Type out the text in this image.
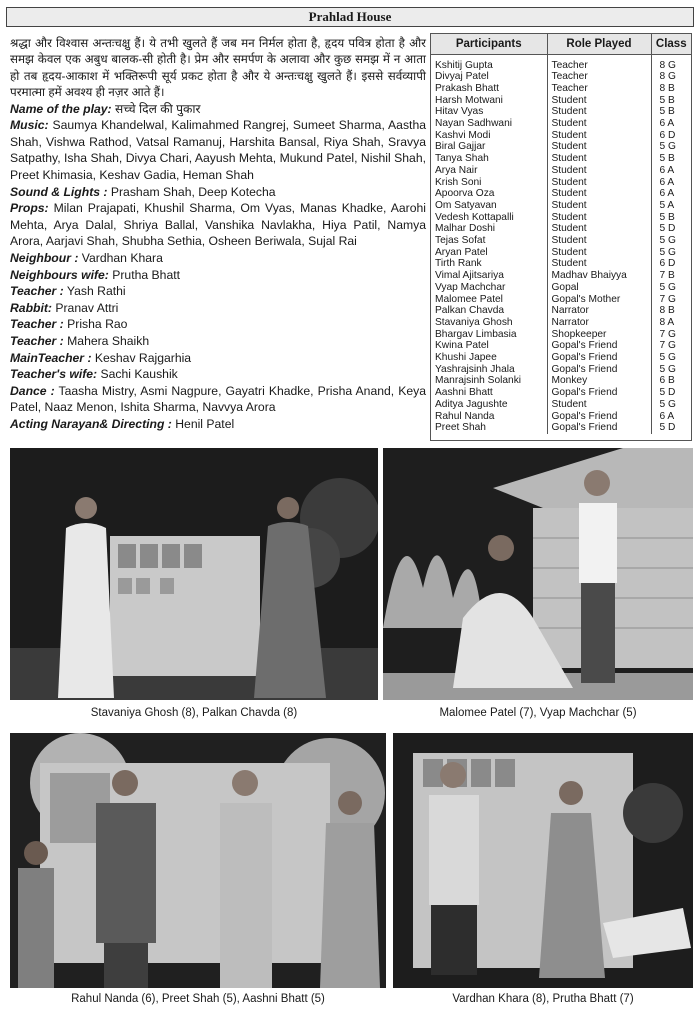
Prahlad House

श्रद्धा और विश्वास अन्तःचक्षु हैं। ये तभी खुलते हैं जब मन निर्मल होता है, हृदय पवित्र होता है और समझ केवल एक अबुध बालक-सी होती है। प्रेम और समर्पण के अलावा और कुछ समझ में न आता हो तब हृदय-आकाश में भक्तिरूपी सूर्य प्रकट होता है और ये अन्तःचक्षु खुलते हैं। इससे सर्वव्यापी परमात्मा हमें अवश्य ही नज़र आते हैं।

Name of the play: सच्चे दिल की पुकार

Music: Saumya Khandelwal, Kalimahmed Rangrej, Sumeet Sharma, Aastha Shah, Vishwa Rathod, Vatsal Ramanuj, Harshita Bansal, Riya Shah, Sravya Satpathy, Isha Shah, Divya Chari, Aayush Mehta, Mukund Patel, Nishil Shah, Preet Khimasia, Keshav Gadia, Heman Shah

Sound & Lights : Prasham Shah, Deep Kotecha

Props: Milan Prajapati, Khushil Sharma, Om Vyas, Manas Khadke, Aarohi Mehta, Arya Dalal, Shriya Ballal, Vanshika Navlakha, Hiya Patil, Namya Arora, Aarjavi Shah, Shubha Sethia, Osheen Beriwala, Sujal Rai

Neighbour : Vardhan Khara

Neighbours wife: Prutha Bhatt

Teacher : Yash Rathi

Rabbit: Pranav Attri

Teacher : Prisha Rao

Teacher : Mahera Shaikh

MainTeacher : Keshav Rajgarhia

Teacher's wife: Sachi Kaushik

Dance : Taasha Mistry, Asmi Nagpure, Gayatri Khadke, Prisha Anand, Keya Patel, Naaz Menon, Ishita Sharma, Navvya Arora

Acting Narayan& Directing : Henil Patel

Participants	Role Played	Class
Kshitij Gupta	Teacher	8 G
Divyaj Patel	Teacher	8 G
Prakash Bhatt	Teacher	8 B
Harsh Motwani	Student	5 B
Hitav Vyas	Student	5 B
Nayan Sadhwani	Student	6 A
Kashvi Modi	Student	6 D
Biral Gajjar	Student	5 G
Tanya Shah	Student	5 B
Arya Nair	Student	6 A
Krish Soni	Student	6 A
Apoorva Oza	Student	6 A
Om Satyavan	Student	5 A
Vedesh Kottapalli	Student	5 B
Malhar Doshi	Student	5 D
Tejas Sofat	Student	5 G
Aryan Patel	Student	5 G
Tirth Rank	Student	6 D
Vimal Ajitsariya	Madhav Bhaiyya	7 B
Vyap Machchar	Gopal	5 G
Malomee Patel	Gopal's Mother	7 G
Palkan Chavda	Narrator	8 B
Stavaniya Ghosh	Narrator	8 A
Bhargav Limbasia	Shopkeeper	7 G
Kwina Patel	Gopal's Friend	7 G
Khushi Japee	Gopal's Friend	5 G
Yashrajsinh Jhala	Gopal's Friend	5 G
Manrajsinh Solanki	Monkey	6 B
Aashni Bhatt	Gopal's Friend	5 D
Aditya Jagushte	Student	5 G
Rahul Nanda	Gopal's Friend	6 A
Preet Shah	Gopal's Friend	5 D
Stavaniya Ghosh (8), Palkan Chavda (8)	Malomee Patel (7), Vyap Machchar (5)
Rahul Nanda (6), Preet Shah (5), Aashni Bhatt (5)	Vardhan Khara (8), Prutha Bhatt (7)
